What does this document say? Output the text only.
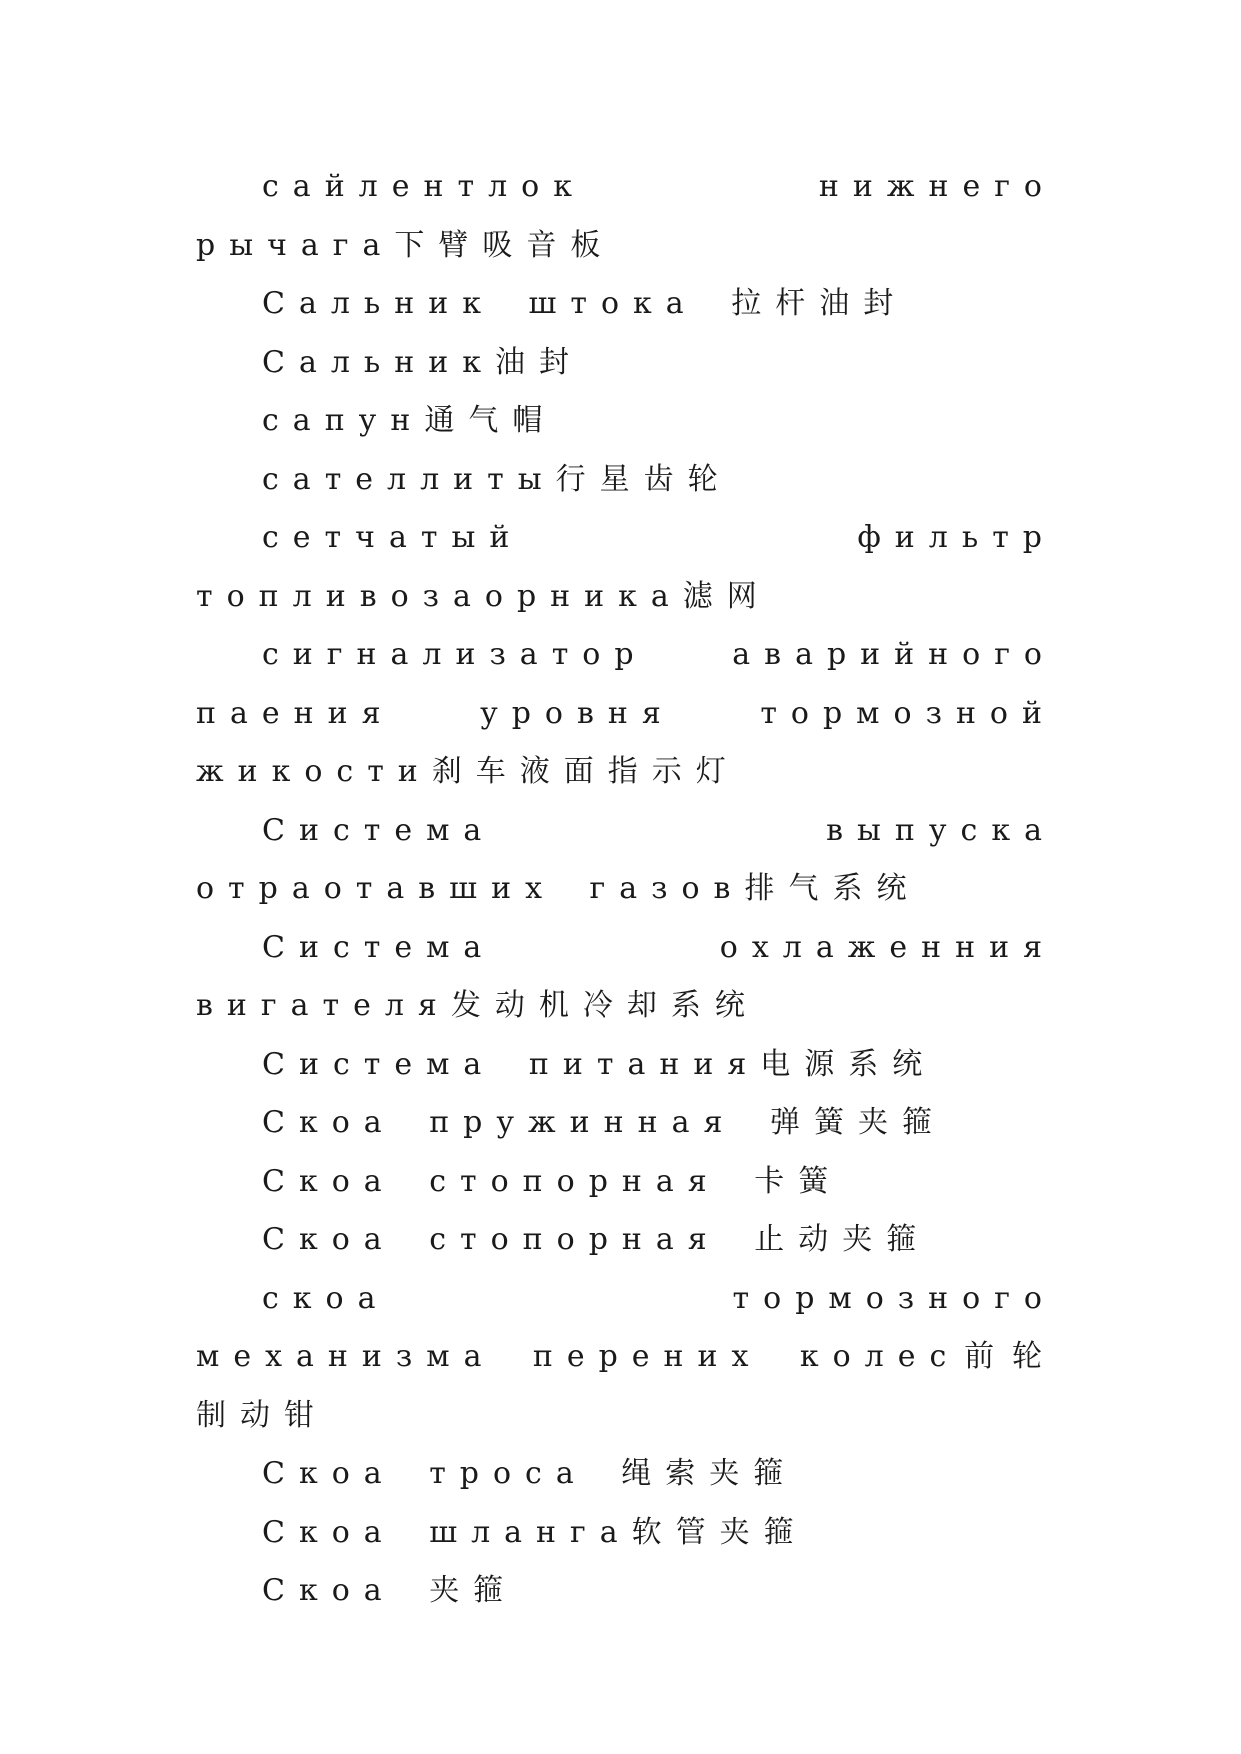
сайлентлок нижнего рычага下臂吸音板

Сальник штока 拉杆油封

Сальник油封

сапун通气帽

сателлиты行星齿轮

сетчатый фильтр топливозаорника滤网

сигнализатор аварийного паения уровня тормозной жикости刹车液面指示灯

Система выпуска отраотавших газов排气系统

Система охлаженния вигателя发动机冷却系统

Система питания电源系统

Скоа пружинная 弹簧夹箍

Скоа стопорная 卡簧

Скоа стопорная 止动夹箍

скоа тормозного механизма перених колес前轮制动钳

Скоа троса 绳索夹箍

Скоа шланга软管夹箍

Скоа 夹箍
